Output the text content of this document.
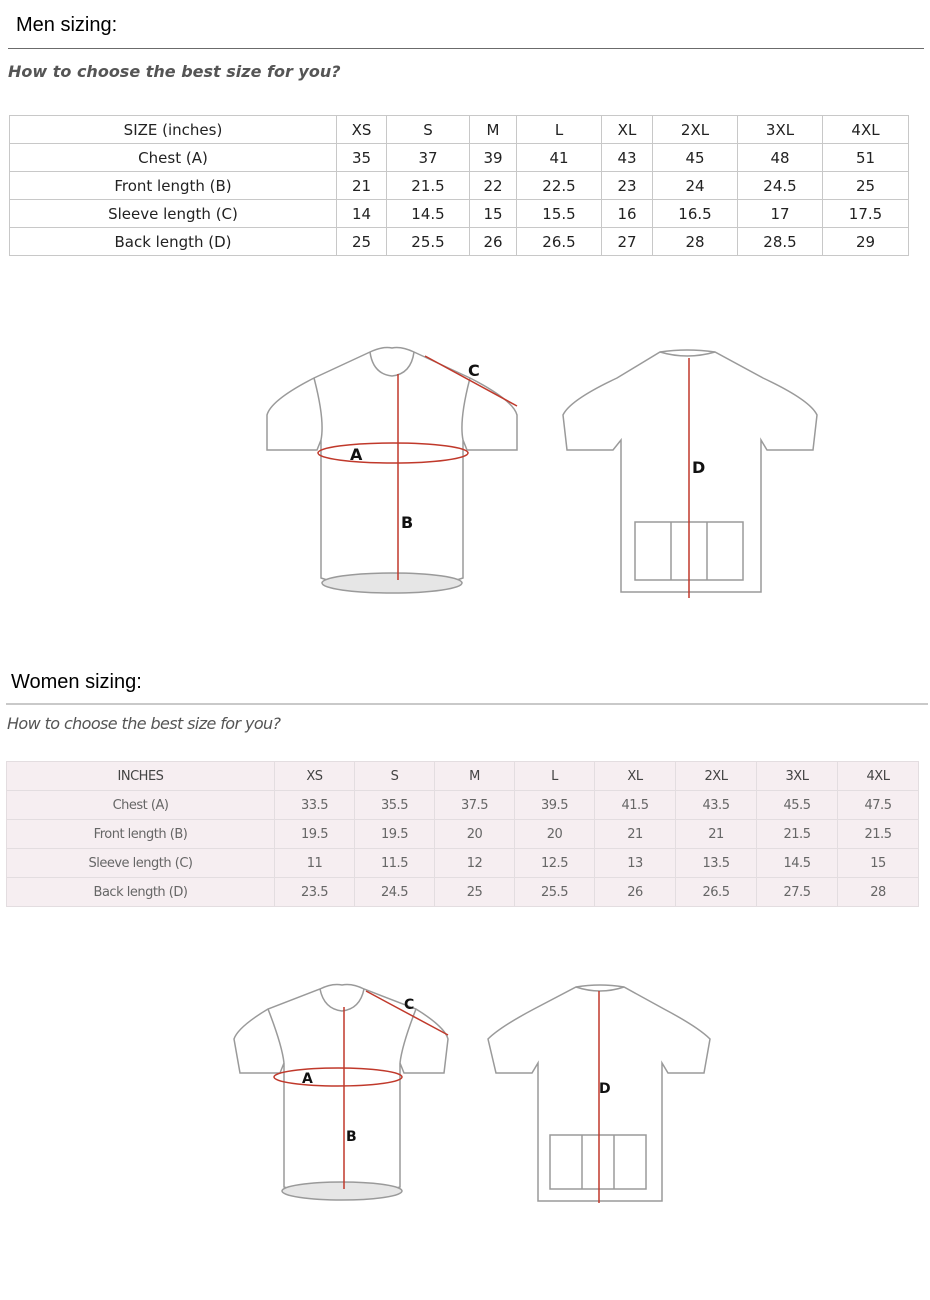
Men sizing:
How to choose the best size for you?
SIZE (inches)	XS	S	M	L	XL	2XL	3XL	4XL
Chest (A)	35	37	39	41	43	45	48	51
Front length (B)	21	21.5	22	22.5	23	24	24.5	25
Sleeve length (C)	14	14.5	15	15.5	16	16.5	17	17.5
Back length (D)	25	25.5	26	26.5	27	28	28.5	29
A
B
C
D
Women sizing:
How to choose the best size for you?
INCHES	XS	S	M	L	XL	2XL	3XL	4XL
Chest (A)	33.5	35.5	37.5	39.5	41.5	43.5	45.5	47.5
Front length (B)	19.5	19.5	20	20	21	21	21.5	21.5
Sleeve length (C)	11	11.5	12	12.5	13	13.5	14.5	15
Back length (D)	23.5	24.5	25	25.5	26	26.5	27.5	28
A
B
C
D
